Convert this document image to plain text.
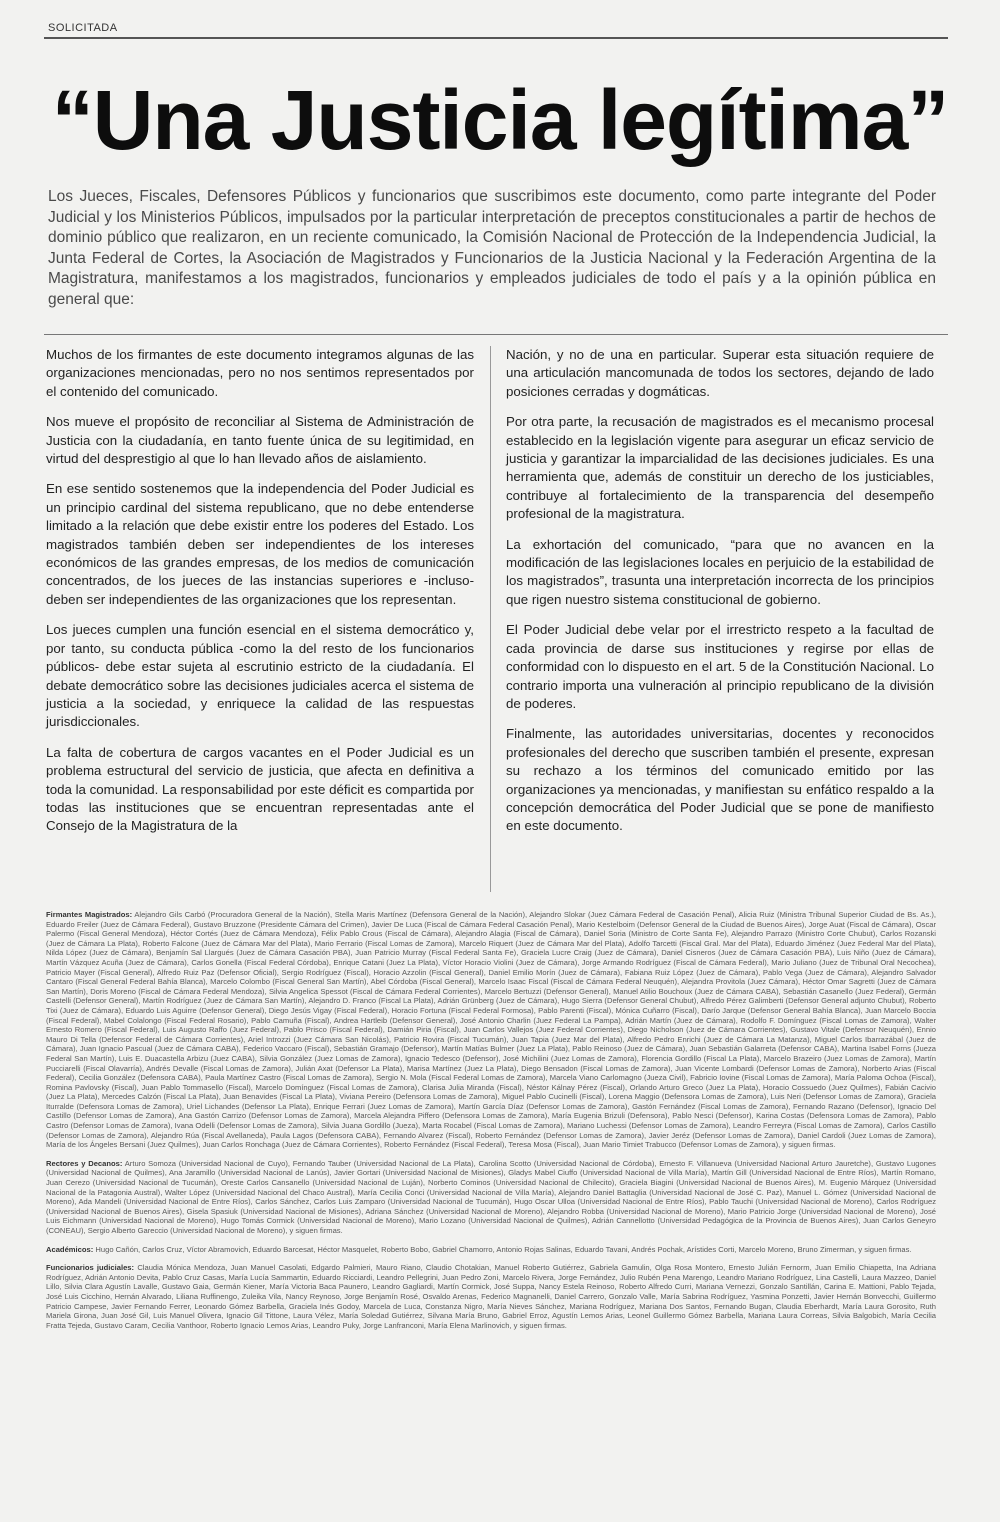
SOLICITADA
“Una Justicia legítima”
Los Jueces, Fiscales, Defensores Públicos y funcionarios que suscribimos este documento, como parte integrante del Poder Judicial y los Ministerios Públicos, impulsados por la particular interpretación de preceptos constitucionales a partir de hechos de dominio público que realizaron, en un reciente comunicado, la Comisión Nacional de Protección de la Independencia Judicial, la Junta Federal de Cortes, la Asociación de Magistrados y Funcionarios de la Justicia Nacional y la Federación Argentina de la Magistratura, manifestamos a los magistrados, funcionarios y empleados judiciales de todo el país y a la opinión pública en general que:

Muchos de los firmantes de este documento integramos algunas de las organizaciones mencionadas, pero no nos sentimos representados por el contenido del comunicado.

Nos mueve el propósito de reconciliar al Sistema de Administración de Justicia con la ciudadanía, en tanto fuente única de su legitimidad, en virtud del desprestigio al que lo han llevado años de aislamiento.

En ese sentido sostenemos que la independencia del Poder Judicial es un principio cardinal del sistema republicano, que no debe entenderse limitado a la relación que debe existir entre los poderes del Estado. Los magistrados también deben ser independientes de los intereses económicos de las grandes empresas, de los medios de comunicación concentrados, de los jueces de las instancias superiores e -incluso- deben ser independientes de las organizaciones que los representan.

Los jueces cumplen una función esencial en el sistema democrático y, por tanto, su conducta pública -como la del resto de los funcionarios públicos- debe estar sujeta al escrutinio estricto de la ciudadanía. El debate democrático sobre las decisiones judiciales acerca el sistema de justicia a la sociedad, y enriquece la calidad de las respuestas jurisdiccionales.

La falta de cobertura de cargos vacantes en el Poder Judicial es un problema estructural del servicio de justicia, que afecta en definitiva a toda la comunidad. La responsabilidad por este déficit es compartida por todas las instituciones que se encuentran representadas ante el Consejo de la Magistratura de la

Nación, y no de una en particular. Superar esta situación requiere de una articulación mancomunada de todos los sectores, dejando de lado posiciones cerradas y dogmáticas.

Por otra parte, la recusación de magistrados es el mecanismo procesal establecido en la legislación vigente para asegurar un eficaz servicio de justicia y garantizar la imparcialidad de las decisiones judiciales. Es una herramienta que, además de constituir un derecho de los justiciables, contribuye al fortalecimiento de la transparencia del desempeño profesional de la magistratura.

La exhortación del comunicado, “para que no avancen en la modificación de las legislaciones locales en perjuicio de la estabilidad de los magistrados”, trasunta una interpretación incorrecta de los principios que rigen nuestro sistema constitucional de gobierno.

El Poder Judicial debe velar por el irrestricto respeto a la facultad de cada provincia de darse sus instituciones y regirse por ellas de conformidad con lo dispuesto en el art. 5 de la Constitución Nacional. Lo contrario importa una vulneración al principio republicano de la división de poderes.

Finalmente, las autoridades universitarias, docentes y reconocidos profesionales del derecho que suscriben también el presente, expresan su rechazo a los términos del comunicado emitido por las organizaciones ya mencionadas, y manifiestan su enfático respaldo a la concepción democrática del Poder Judicial que se pone de manifiesto en este documento.

Firmantes Magistrados: Alejandro Gils Carbó (Procuradora General de la Nación), Stella Maris Martínez (Defensora General de la Nación), Alejandro Slokar (Juez Cámara Federal de Casación Penal), Alicia Ruiz (Ministra Tribunal Superior Ciudad de Bs. As.), Eduardo Freiler (Juez de Cámara Federal), Gustavo Bruzzone (Presidente Cámara del Crimen), Javier De Luca (Fiscal de Cámara Federal Casación Penal), Mario Kestelboim (Defensor General de la Ciudad de Buenos Aires), Jorge Auat (Fiscal de Cámara), Oscar Palermo (Fiscal General Mendoza), Héctor Cortés (Juez de Cámara Mendoza), Félix Pablo Crous (Fiscal de Cámara), Alejandro Alagia (Fiscal de Cámara), Daniel Soria (Ministro de Corte Santa Fe), Alejandro Parrazo (Ministro Corte Chubut), Carlos Rozanski (Juez de Cámara La Plata), Roberto Falcone (Juez de Cámara Mar del Plata), Mario Ferrario (Fiscal Lomas de Zamora), Marcelo Riquert (Juez de Cámara Mar del Plata), Adolfo Tarcetti (Fiscal Gral. Mar del Plata), Eduardo Jiménez (Juez Federal Mar del Plata), Nilda López (Juez de Cámara), Benjamín Sal Llargués (Juez de Cámara Casación PBA), Juan Patricio Murray (Fiscal Federal Santa Fe), Graciela Lucre Craig (Juez de Cámara), Daniel Cisneros (Juez de Cámara Casación PBA), Luis Niño (Juez de Cámara), Martín Vázquez Acuña (Juez de Cámara), Carlos Gonella (Fiscal Federal Córdoba), Enrique Catani (Juez La Plata), Víctor Horacio Violini (Juez de Cámara), Jorge Armando Rodríguez (Fiscal de Cámara Federal), Mario Juliano (Juez de Tribunal Oral Necochea), Patricio Mayer (Fiscal General), Alfredo Ruiz Paz (Defensor Oficial), Sergio Rodríguez (Fiscal), Horacio Azzolin (Fiscal General), Daniel Emilio Morín (Juez de Cámara), Fabiana Ruiz López (Juez de Cámara), Pablo Vega (Juez de Cámara), Alejandro Salvador Cantaro (Fiscal General Federal Bahía Blanca), Marcelo Colombo (Fiscal General San Martín), Abel Córdoba (Fiscal General), Marcelo Isaac Fiscal (Fiscal de Cámara Federal Neuquén), Alejandra Provitola (Juez Cámara), Héctor Omar Sagretti (Juez de Cámara San Martín), Doris Moreno (Fiscal de Cámara Federal Mendoza), Silvia Angelica Spessot (Fiscal de Cámara Federal Corrientes), Marcelo Bertuzzi (Defensor General), Manuel Atilio Bouchoux (Juez de Cámara CABA), Sebastián Casanello (Juez Federal), Germán Castelli (Defensor General), Martín Rodríguez (Juez de Cámara San Martín), Alejandro D. Franco (Fiscal La Plata), Adrián Grünberg (Juez de Cámara), Hugo Sierra (Defensor General Chubut), Alfredo Pérez Galimberti (Defensor General adjunto Chubut), Roberto Tixi (Juez de Cámara), Eduardo Luis Aguirre (Defensor General), Diego Jesús Vigay (Fiscal Federal), Horacio Fortuna (Fiscal Federal Formosa), Pablo Parenti (Fiscal), Mónica Cuñarro (Fiscal), Darío Jarque (Defensor General Bahía Blanca), Juan Marcelo Boccia (Fiscal Federal), Mabel Colalongo (Fiscal Federal Rosario), Pablo Camuña (Fiscal), Andrea Hartleib (Defensor General), José Antonio Charlin (Juez Federal La Pampa), Adrián Martín (Juez de Cámara), Rodolfo F. Domínguez (Fiscal Lomas de Zamora), Walter Ernesto Romero (Fiscal Federal), Luis Augusto Raffo (Juez Federal), Pablo Prisco (Fiscal Federal), Damián Piria (Fiscal), Juan Carlos Vallejos (Juez Federal Corrientes), Diego Nicholson (Juez de Cámara Corrientes), Gustavo Vitale (Defensor Neuquén), Ennio Mauro Di Tella (Defensor Federal de Cámara Corrientes), Ariel Introzzi (Juez Cámara San Nicolás), Patricio Rovira (Fiscal Tucumán), Juan Tapia (Juez Mar del Plata), Alfredo Pedro Enrichi (Juez de Cámara La Matanza), Miguel Carlos Ibarrazábal (Juez de Cámara), Juan Ignacio Pascual (Juez de Cámara CABA), Federico Vaccaro (Fiscal), Sebastián Gramajo (Defensor), Martín Matías Bulmer (Juez La Plata), Pablo Reinoso (Juez de Cámara), Juan Sebastián Galarreta (Defensor CABA), Martina Isabel Forns (Jueza Federal San Martín), Luis E. Duacastella Arbizu (Juez CABA), Silvia González (Juez Lomas de Zamora), Ignacio Tedesco (Defensor), José Michilini (Juez Lomas de Zamora), Florencia Gordillo (Fiscal La Plata), Marcelo Brazeiro (Juez Lomas de Zamora), Martín Pucciarelli (Fiscal Olavarría), Andrés Devalle (Fiscal Lomas de Zamora), Julián Axat (Defensor La Plata), Marisa Martínez (Juez La Plata), Diego Bensadon (Fiscal Lomas de Zamora), Juan Vicente Lombardi (Defensor Lomas de Zamora), Norberto Arias (Fiscal Federal), Cecilia González (Defensora CABA), Paula Martínez Castro (Fiscal Lomas de Zamora), Sergio N. Mola (Fiscal Federal Lomas de Zamora), Marcela Viano Carlomagno (Jueza Civil), Fabricio Iovine (Fiscal Lomas de Zamora), María Paloma Ochoa (Fiscal), Romina Pavlovsky (Fiscal), Juan Pablo Tommasello (Fiscal), Marcelo Domínguez (Fiscal Lomas de Zamora), Clarisa Julia Miranda (Fiscal), Néstor Kálnay Pérez (Fiscal), Orlando Arturo Greco (Juez La Plata), Horacio Cossuedo (Juez Quilmes), Fabián Cacivio (Juez La Plata), Mercedes Calzón (Fiscal La Plata), Juan Benavides (Fiscal La Plata), Viviana Pereiro (Defensora Lomas de Zamora), Miguel Pablo Cucinelli (Fiscal), Lorena Maggio (Defensora Lomas de Zamora), Luis Neri (Defensor Lomas de Zamora), Graciela Iturralde (Defensora Lomas de Zamora), Uriel Lichandes (Defensor La Plata), Enrique Ferrari (Juez Lomas de Zamora), Martín García Díaz (Defensor Lomas de Zamora), Gastón Fernández (Fiscal Lomas de Zamora), Fernando Razano (Defensor), Ignacio Del Castillo (Defensor Lomas de Zamora), Ana Gastón Carrizo (Defensor Lomas de Zamora), Marcela Alejandra Piffero (Defensora Lomas de Zamora), María Eugenia Brizuli (Defensora), Pablo Nesci (Defensor), Karina Costas (Defensora Lomas de Zamora), Pablo Castro (Defensor Lomas de Zamora), Ivana Odelli (Defensor Lomas de Zamora), Silvia Juana Gordillo (Jueza), Marta Rocabel (Fiscal Lomas de Zamora), Mariano Luchessi (Defensor Lomas de Zamora), Leandro Ferreyra (Fiscal Lomas de Zamora), Carlos Castillo (Defensor Lomas de Zamora), Alejandro Rúa (Fiscal Avellaneda), Paula Lagos (Defensora CABA), Fernando Alvarez (Fiscal), Roberto Fernández (Defensor Lomas de Zamora), Javier Jeréz (Defensor Lomas de Zamora), Daniel Cardoli (Juez Lomas de Zamora), María de los Ángeles Bersani (Juez Quilmes), Juan Carlos Ronchaga (Juez de Cámara Corrientes), Roberto Fernández (Fiscal Federal), Teresa Mosa (Fiscal), Juan Mario Timiet Trabucco (Defensor Lomas de Zamora), y siguen firmas.

Rectores y Decanos: Arturo Somoza (Universidad Nacional de Cuyo), Fernando Tauber (Universidad Nacional de La Plata), Carolina Scotto (Universidad Nacional de Córdoba), Ernesto F. Villanueva (Universidad Nacional Arturo Jauretche), Gustavo Lugones (Universidad Nacional de Quilmes), Ana Jaramillo (Universidad Nacional de Lanús), Javier Gortari (Universidad Nacional de Misiones), Gladys Mabel Ciuffo (Universidad Nacional de Villa María), Martín Gill (Universidad Nacional de Entre Ríos), Martín Romano, Juan Cerezo (Universidad Nacional de Tucumán), Oreste Carlos Cansanello (Universidad Nacional de Luján), Norberto Cominos (Universidad Nacional de Chilecito), Graciela Biagini (Universidad Nacional de Buenos Aires), M. Eugenio Márquez (Universidad Nacional de la Patagonia Austral), Walter López (Universidad Nacional del Chaco Austral), María Cecilia Conci (Universidad Nacional de Villa María), Alejandro Daniel Battaglia (Universidad Nacional de José C. Paz), Manuel L. Gómez (Universidad Nacional de Moreno), Ada Mandeli (Universidad Nacional de Entre Ríos), Carlos Sánchez, Carlos Luis Zamparo (Universidad Nacional de Tucumán), Hugo Oscar Ulloa (Universidad Nacional de Entre Ríos), Pablo Tauchi (Universidad Nacional de Moreno), Carlos Rodríguez (Universidad Nacional de Buenos Aires), Gisela Spasiuk (Universidad Nacional de Misiones), Adriana Sánchez (Universidad Nacional de Moreno), Alejandro Robba (Universidad Nacional de Moreno), Mario Patricio Jorge (Universidad Nacional de Moreno), José Luis Eichmann (Universidad Nacional de Moreno), Hugo Tomás Cormick (Universidad Nacional de Moreno), Mario Lozano (Universidad Nacional de Quilmes), Adrián Cannellotto (Universidad Pedagógica de la Provincia de Buenos Aires), Juan Carlos Geneyro (CONEAU), Sergio Alberto Gareccio (Universidad Nacional de Moreno), y siguen firmas.

Académicos: Hugo Cañón, Carlos Cruz, Víctor Abramovich, Eduardo Barcesat, Héctor Masquelet, Roberto Bobo, Gabriel Chamorro, Antonio Rojas Salinas, Eduardo Tavani, Andrés Pochak, Arístides Corti, Marcelo Moreno, Bruno Zimerman, y siguen firmas.

Funcionarios judiciales: Claudia Mónica Mendoza, Juan Manuel Casolati, Edgardo Palmieri, Mauro Riano, Claudio Chotakian, Manuel Roberto Gutiérrez, Gabriela Gamulin, Olga Rosa Montero, Ernesto Julián Fernorm, Juan Emilio Chiapetta, Ina Adriana Rodríguez, Adrián Antonio Devita, Pablo Cruz Casas, María Lucía Sammartin, Eduardo Ricciardi, Leandro Pellegrini, Juan Pedro Zoni, Marcelo Rivera, Jorge Fernández, Julio Rubén Pena Marengo, Leandro Mariano Rodríguez, Lina Castelli, Laura Mazzeo, Daniel Lillo, Silvia Clara Agustín Lavalle, Gustavo Gaia, Germán Kiener, María Victoria Baca Paunero, Leandro Gagliardi, Martín Cormick, José Suppa, Nancy Estela Reinoso, Roberto Alfredo Curri, Mariana Vernezzi, Gonzalo Santillán, Carina E. Mattioni, Pablo Tejada, José Luis Cicchino, Hernán Alvarado, Liliana Ruffinengo, Zuleika Vila, Nancy Reynoso, Jorge Benjamín Rosé, Osvaldo Arenas, Federico Magnanelli, Daniel Carrero, Gonzalo Valle, María Sabrina Rodríguez, Yasmina Ponzetti, Javier Hernán Bonvecchi, Guillermo Patricio Campese, Javier Fernando Ferrer, Leonardo Gómez Barbella, Graciela Inés Godoy, Marcela de Luca, Constanza Nigro, María Nieves Sánchez, Mariana Rodríguez, Mariana Dos Santos, Fernando Bugan, Claudia Eberhardt, María Laura Gorosito, Ruth Mariela Girona, Juan José Gil, Luis Manuel Olivera, Ignacio Gil Tittone, Laura Vélez, María Soledad Gutiérrez, Silvana María Bruno, Gabriel Erroz, Agustín Lemos Arias, Leonel Guillermo Gómez Barbella, Mariana Laura Correas, Silvia Balgobich, María Cecilia Fratta Tejeda, Gustavo Caram, Cecilia Vanthoor, Roberto Ignacio Lemos Arias, Leandro Puky, Jorge Lanfranconi, María Elena Marlinovich, y siguen firmas.
